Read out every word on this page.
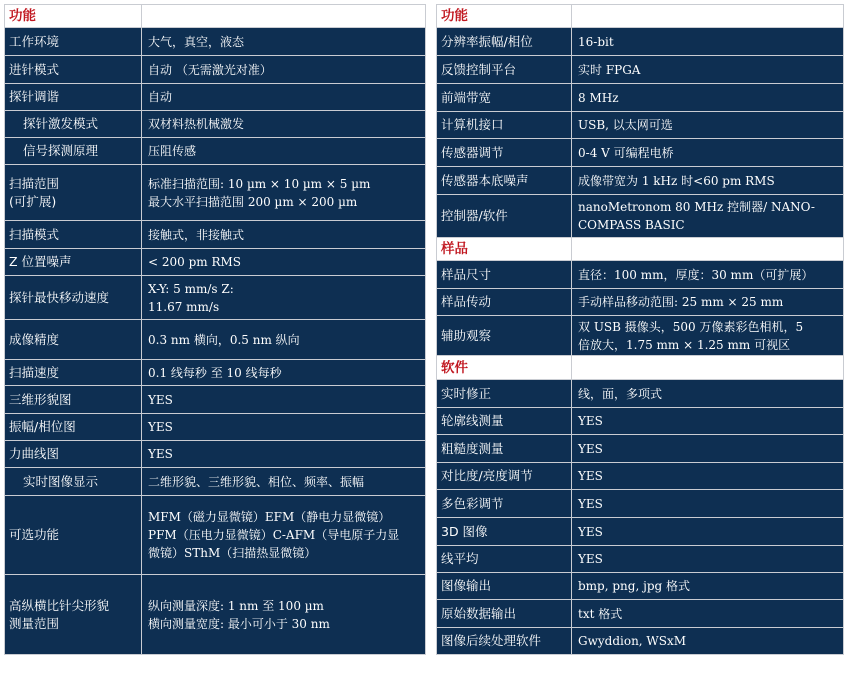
功能	
工作环境	大气，真空，液态
进针模式	自动 （无需激光对准）
探针调谐	自动
探针激发模式	双材料热机械激发
信号探测原理	压阻传感
扫描范围
(可扩展)	标准扫描范围: 10 µm × 10 µm × 5 µm
最大水平扫描范围 200 µm × 200 µm
扫描模式	接触式，非接触式
Z 位置噪声	< 200 pm RMS
探针最快移动速度	X-Y: 5 mm/s Z:
11.67 mm/s
成像精度	0.3 nm 横向，0.5 nm 纵向
扫描速度	0.1 线每秒 至 10 线每秒
三维形貌图	YES
振幅/相位图	YES
力曲线图	YES
实时图像显示	二维形貌、三维形貌、相位、频率、振幅
可选功能	MFM（磁力显微镜）EFM（静电力显微镜）
PFM（压电力显微镜）C-AFM（导电原子力显
微镜）SThM（扫描热显微镜）
高纵横比针尖形貌
测量范围	纵向测量深度: 1 nm 至 100 µm
横向测量宽度: 最小可小于 30 nm
功能	
分辨率振幅/相位	16-bit
反馈控制平台	实时 FPGA
前端带宽	8 MHz
计算机接口	USB, 以太网可选
传感器调节	0-4 V 可编程电桥
传感器本底噪声	成像带宽为 1 kHz 时<60 pm RMS
控制器/软件	nanoMetronom 80 MHz 控制器/ NANO-
COMPASS BASIC
样品	
样品尺寸	直径：100 mm，厚度：30 mm（可扩展）
样品传动	手动样品移动范围: 25 mm × 25 mm
辅助观察	双 USB 摄像头，500 万像素彩色相机，5
倍放大，1.75 mm × 1.25 mm 可视区
软件	
实时修正	线，面，多项式
轮廓线测量	YES
粗糙度测量	YES
对比度/亮度调节	YES
多色彩调节	YES
3D 图像	YES
线平均	YES
图像输出	bmp, png, jpg 格式
原始数据输出	txt 格式
图像后续处理软件	Gwyddion, WSxM
